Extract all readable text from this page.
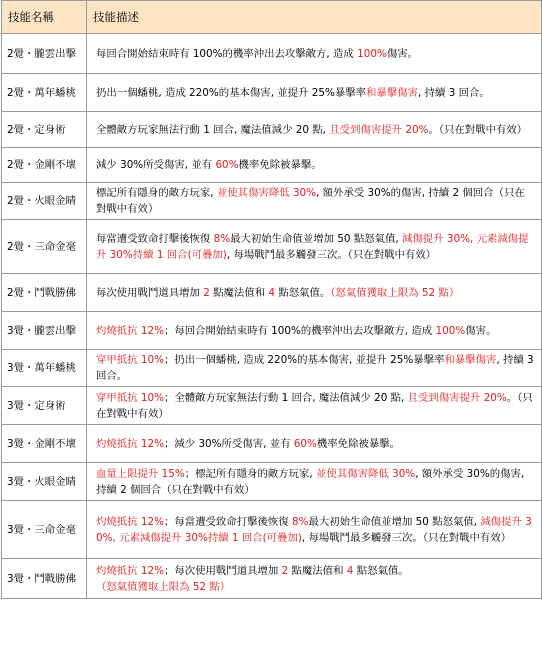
技能名稱	技能描述
2覺・朧雲出擊	每回合開始結束時有 100%的機率沖出去攻擊敵方, 造成 100%傷害。
2覺・萬年蟠桃	扔出一個蟠桃, 造成 220%的基本傷害, 並提升 25%暴擊率和暴擊傷害, 持續 3 回合。
2覺・定身術	全體敵方玩家無法行動 1 回合, 魔法值減少 20 點, 且受到傷害提升 20%。（只在對戰中有效）
2覺・金剛不壞	減少 30%所受傷害, 並有 60%機率免除被暴擊。
2覺・火眼金睛	標記所有隱身的敵方玩家, 並使其傷害降低 30%, 額外承受 30%的傷害, 持續 2 個回合（只在對戰中有效）
2覺・三命金毫	每當遭受致命打擊後恢復 8%最大初始生命值並增加 50 點怒氣值, 減傷提升 30%, 元素減傷提升 30%持續 1 回合(可疊加), 每場戰鬥最多觸發三次。（只在對戰中有效）
2覺・鬥戰勝佛	每次使用戰鬥道具增加 2 點魔法值和 4 點怒氣值。（怒氣值獲取上限為 52 點）
3覺・朧雲出擊	灼燒抵抗 12%；每回合開始結束時有 100%的機率沖出去攻擊敵方, 造成 100%傷害。
3覺・萬年蟠桃	穿甲抵抗 10%；扔出一個蟠桃, 造成 220%的基本傷害, 並提升 25%暴擊率和暴擊傷害, 持續 3 回合。
3覺・定身術	穿甲抵抗 10%；全體敵方玩家無法行動 1 回合, 魔法值減少 20 點, 且受到傷害提升 20%。（只在對戰中有效）
3覺・金剛不壞	灼燒抵抗 12%；減少 30%所受傷害, 並有 60%機率免除被暴擊。
3覺・火眼金睛	血量上限提升 15%；標記所有隱身的敵方玩家, 並使其傷害降低 30%, 額外承受 30%的傷害, 持續 2 個回合（只在對戰中有效）
3覺・三命金毫	灼燒抵抗 12%；每當遭受致命打擊後恢復 8%最大初始生命值並增加 50 點怒氣值, 減傷提升 30%, 元素減傷提升 30%持續 1 回合(可疊加), 每場戰鬥最多觸發三次。（只在對戰中有效）
3覺・鬥戰勝佛	灼燒抵抗 12%；每次使用戰鬥道具增加 2 點魔法值和 4 點怒氣值。（怒氣值獲取上限為 52 點）
